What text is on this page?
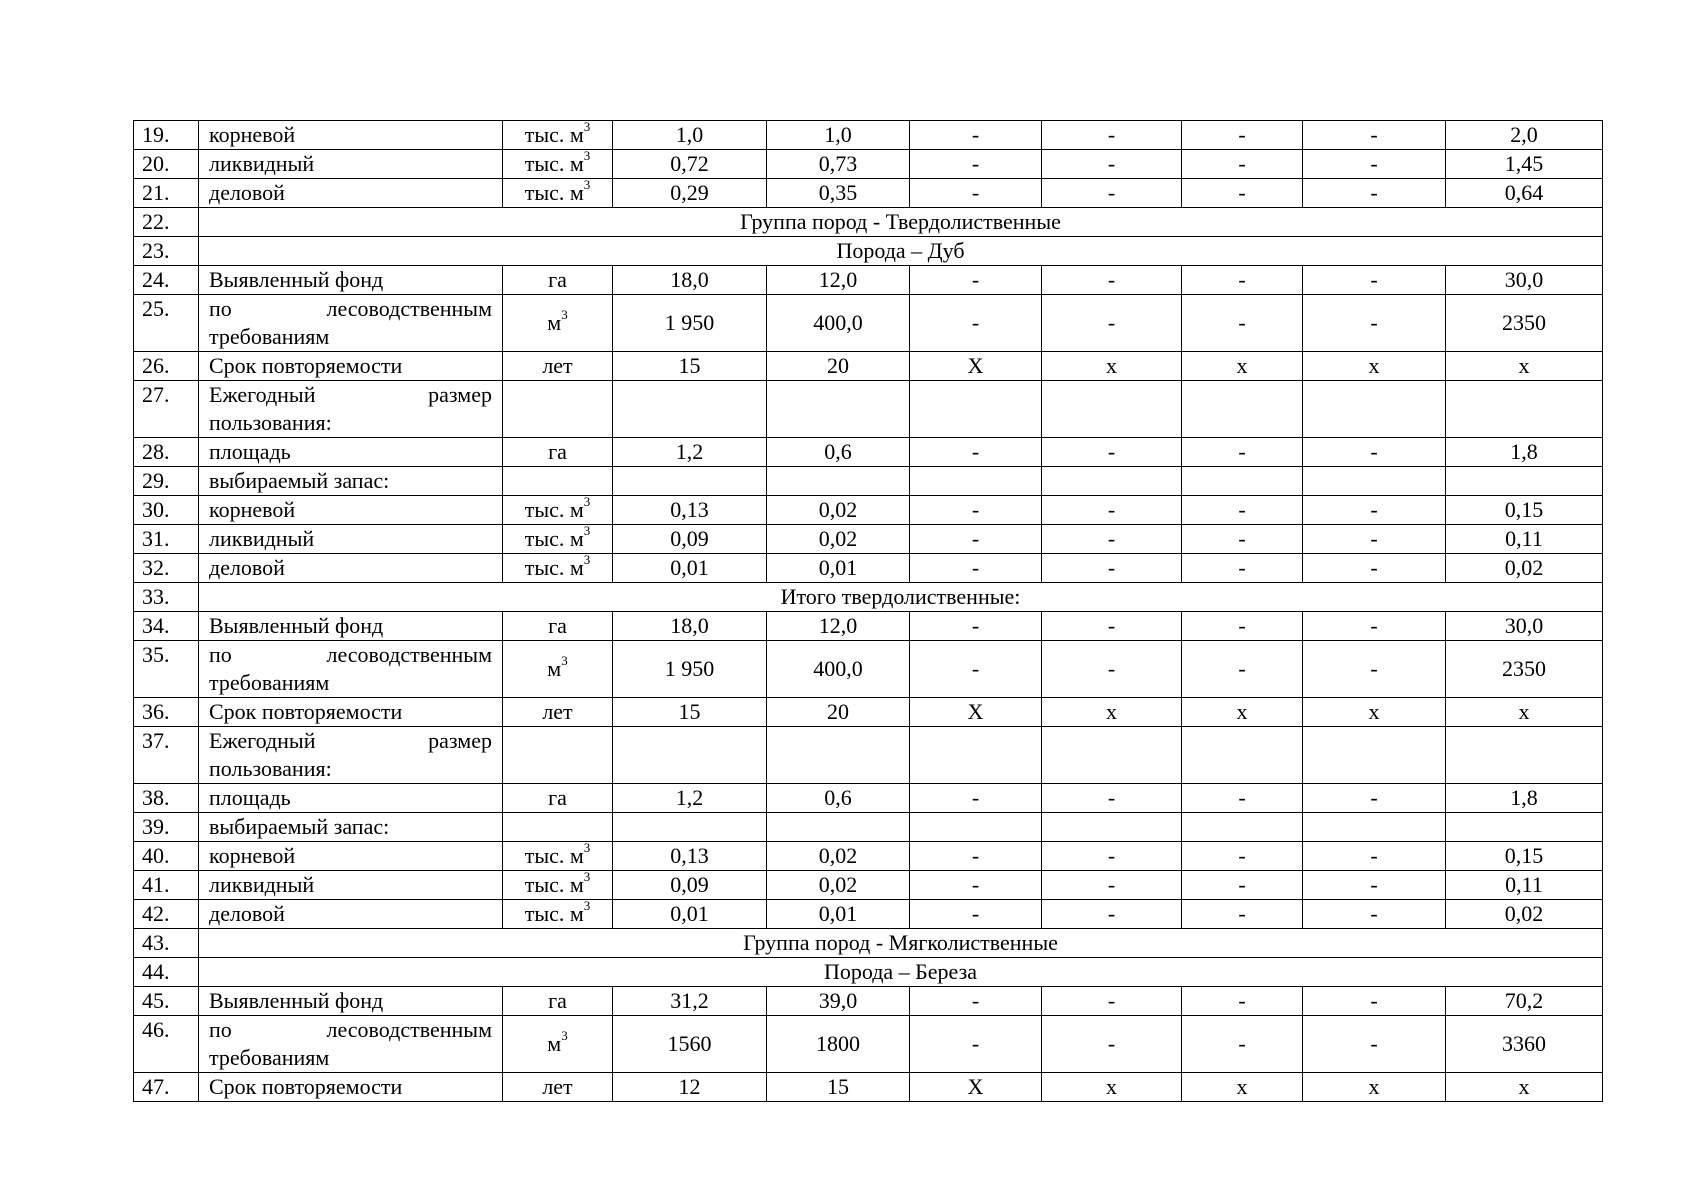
19.	корневой	тыс. $м^3$	1,0	1,0	-	-	-	-	2,0
20.	ликвидный	тыс. $м^3$	0,72	0,73	-	-	-	-	1,45
21.	деловой	тыс. $м^3$	0,29	0,35	-	-	-	-	0,64
22.	Группа пород - Твердолиственные								
23.	Порода – Дуб								
24.	Выявленный фонд	га	18,0	12,0	-	-	-	-	30,0
25.	по лесоводственным требованиям	$м^3$	1 950	400,0	-	-	-	-	2350
26.	Срок повторяемости	лет	15	20	Х	х	х	х	х
27.	Ежегодный размер пользования:								
28.	площадь	га	1,2	0,6	-	-	-	-	1,8
29.	выбираемый запас:								
30.	корневой	тыс. $м^3$	0,13	0,02	-	-	-	-	0,15
31.	ликвидный	тыс. $м^3$	0,09	0,02	-	-	-	-	0,11
32.	деловой	тыс. $м^3$	0,01	0,01	-	-	-	-	0,02
33.	Итого твердолиственные:								
34.	Выявленный фонд	га	18,0	12,0	-	-	-	-	30,0
35.	по лесоводственным требованиям	$м^3$	1 950	400,0	-	-	-	-	2350
36.	Срок повторяемости	лет	15	20	Х	х	х	х	х
37.	Ежегодный размер пользования:								
38.	площадь	га	1,2	0,6	-	-	-	-	1,8
39.	выбираемый запас:								
40.	корневой	тыс. $м^3$	0,13	0,02	-	-	-	-	0,15
41.	ликвидный	тыс. $м^3$	0,09	0,02	-	-	-	-	0,11
42.	деловой	тыс. $м^3$	0,01	0,01	-	-	-	-	0,02
43.	Группа пород - Мягколиственные								
44.	Порода – Береза								
45.	Выявленный фонд	га	31,2	39,0	-	-	-	-	70,2
46.	по лесоводственным требованиям	$м^3$	1560	1800	-	-	-	-	3360
47.	Срок повторяемости	лет	12	15	Х	х	х	х	х
